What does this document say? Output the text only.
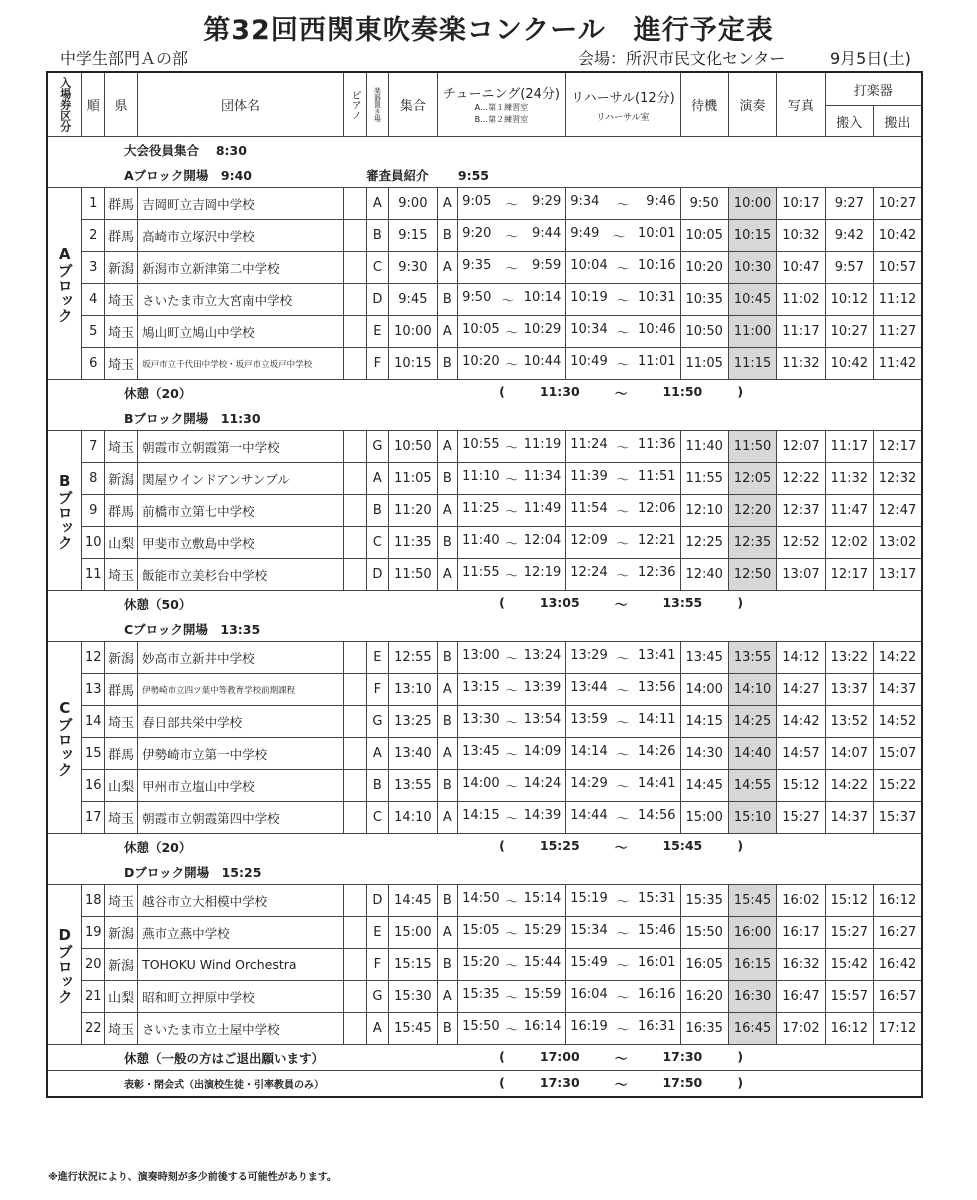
第32回西関東吹奏楽コンクール　進行予定表
中学生部門Ａの部	会場：所沢市民文化センター	9月5日(土)
入場券区分	順	県	団体名	ピアノ	楽器置き場	集合	チューニング(24分)
A…第１練習室
B…第２練習室		リハーサル(12分)
リハーサル室	待機	演奏	写真	打楽器	
													搬入	搬出
	大会役員集合　 8:30													
	Aブロック開場　9:40				審査員紹介　　 9:55									

Aブロック	1	群馬	吉岡町立吉岡中学校		A	9:00	A	9:05 ～ 9:29	9:34 ～ 9:46	9:50	10:00	10:17	9:27	10:27
	2	群馬	高崎市立塚沢中学校		B	9:15	B	9:20 ～ 9:44	9:49 ～ 10:01	10:05	10:15	10:32	9:42	10:42
	3	新潟	新潟市立新津第二中学校		C	9:30	A	9:35 ～ 9:59	10:04 ～ 10:16	10:20	10:30	10:47	9:57	10:57
	4	埼玉	さいたま市立大宮南中学校		D	9:45	B	9:50 ～ 10:14	10:19 ～ 10:31	10:35	10:45	11:02	10:12	11:12
	5	埼玉	鳩山町立鳩山中学校		E	10:00	A	10:05 ～ 10:29	10:34 ～ 10:46	10:50	11:00	11:17	10:27	11:27
	6	埼玉	坂戸市立千代田中学校・坂戸市立坂戸中学校		F	10:15	B	10:20 ～ 10:44	10:49 ～ 11:01	11:05	11:15	11:32	10:42	11:42
	休憩（20）						( 11:30 ～ 11:50 )							

	Bブロック開場　11:30													

Bブロック	7	埼玉	朝霞市立朝霞第一中学校		G	10:50	A	10:55 ～ 11:19	11:24 ～ 11:36	11:40	11:50	12:07	11:17	12:17
	8	新潟	関屋ウインドアンサンブル		A	11:05	B	11:10 ～ 11:34	11:39 ～ 11:51	11:55	12:05	12:22	11:32	12:32
	9	群馬	前橋市立第七中学校		B	11:20	A	11:25 ～ 11:49	11:54 ～ 12:06	12:10	12:20	12:37	11:47	12:47
	10	山梨	甲斐市立敷島中学校		C	11:35	B	11:40 ～ 12:04	12:09 ～ 12:21	12:25	12:35	12:52	12:02	13:02
	11	埼玉	飯能市立美杉台中学校		D	11:50	A	11:55 ～ 12:19	12:24 ～ 12:36	12:40	12:50	13:07	12:17	13:17
	休憩（50）						( 13:05 ～ 13:55 )							

	Cブロック開場　13:35													

Cブロック	12	新潟	妙高市立新井中学校		E	12:55	B	13:00 ～ 13:24	13:29 ～ 13:41	13:45	13:55	14:12	13:22	14:22
	13	群馬	伊勢崎市立四ツ葉中等教育学校前期課程		F	13:10	A	13:15 ～ 13:39	13:44 ～ 13:56	14:00	14:10	14:27	13:37	14:37
	14	埼玉	春日部共栄中学校		G	13:25	B	13:30 ～ 13:54	13:59 ～ 14:11	14:15	14:25	14:42	13:52	14:52
	15	群馬	伊勢崎市立第一中学校		A	13:40	A	13:45 ～ 14:09	14:14 ～ 14:26	14:30	14:40	14:57	14:07	15:07
	16	山梨	甲州市立塩山中学校		B	13:55	B	14:00 ～ 14:24	14:29 ～ 14:41	14:45	14:55	15:12	14:22	15:22
	17	埼玉	朝霞市立朝霞第四中学校		C	14:10	A	14:15 ～ 14:39	14:44 ～ 14:56	15:00	15:10	15:27	14:37	15:37
	休憩（20）						( 15:25 ～ 15:45 )							

	Dブロック開場　15:25													

Dブロック	18	埼玉	越谷市立大相模中学校		D	14:45	B	14:50 ～ 15:14	15:19 ～ 15:31	15:35	15:45	16:02	15:12	16:12
	19	新潟	燕市立燕中学校		E	15:00	A	15:05 ～ 15:29	15:34 ～ 15:46	15:50	16:00	16:17	15:27	16:27
	20	新潟	TOHOKU Wind Orchestra		F	15:15	B	15:20 ～ 15:44	15:49 ～ 16:01	16:05	16:15	16:32	15:42	16:42
	21	山梨	昭和町立押原中学校		G	15:30	A	15:35 ～ 15:59	16:04 ～ 16:16	16:20	16:30	16:47	15:57	16:57
	22	埼玉	さいたま市立土屋中学校		A	15:45	B	15:50 ～ 16:14	16:19 ～ 16:31	16:35	16:45	17:02	16:12	17:12
	休憩（一般の方はご退出願います）						( 17:00 ～ 17:30 )							

	表彰・閉会式（出演校生徒・引率教員のみ）						( 17:30 ～ 17:50 )							
※進行状況により、演奏時刻が多少前後する可能性があります。
